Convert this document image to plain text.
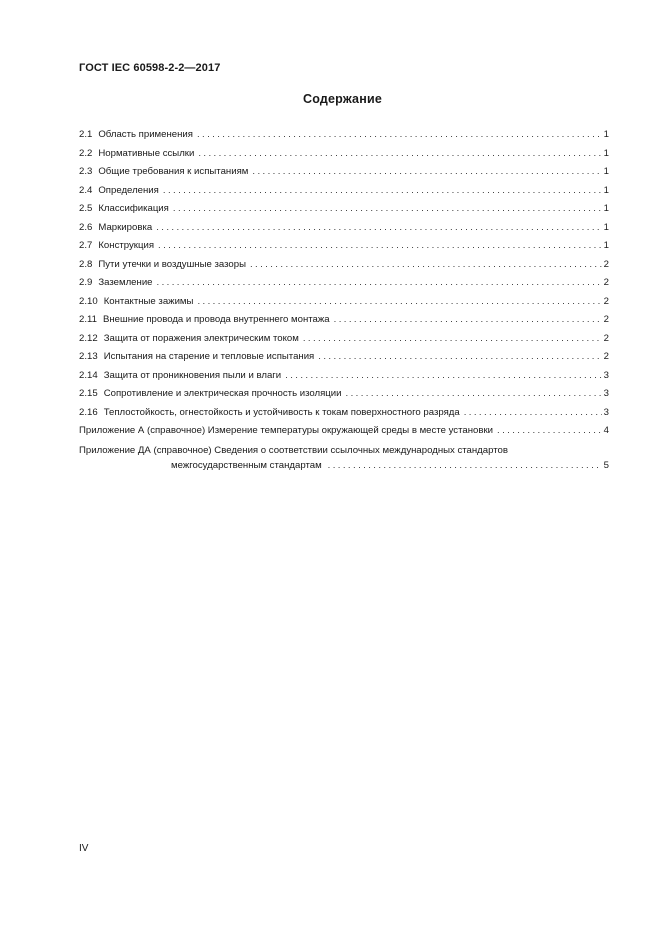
ГОСТ IEC 60598-2-2—2017
Содержание
2.1 Область применения .....	1
2.2 Нормативные ссылки .....	1
2.3 Общие требования к испытаниям .....	1
2.4 Определения .....	1
2.5 Классификация .....	1
2.6 Маркировка .....	1
2.7 Конструкция .....	1
2.8 Пути утечки и воздушные зазоры .....	2
2.9 Заземление .....	2
2.10 Контактные зажимы .....	2
2.11 Внешние провода и провода внутреннего монтажа .....	2
2.12 Защита от поражения электрическим током .....	2
2.13 Испытания на старение и тепловые испытания .....	2
2.14 Защита от проникновения пыли и влаги .....	3
2.15 Сопротивление и электрическая прочность изоляции .....	3
2.16 Теплостойкость, огнестойкость и устойчивость к токам поверхностного разряда .....	3
Приложение А (справочное) Измерение температуры окружающей среды в месте установки .....	4
Приложение ДА (справочное) Сведения о соответствии ссылочных международных стандартов
межгосударственным стандартам .....	5
IV
